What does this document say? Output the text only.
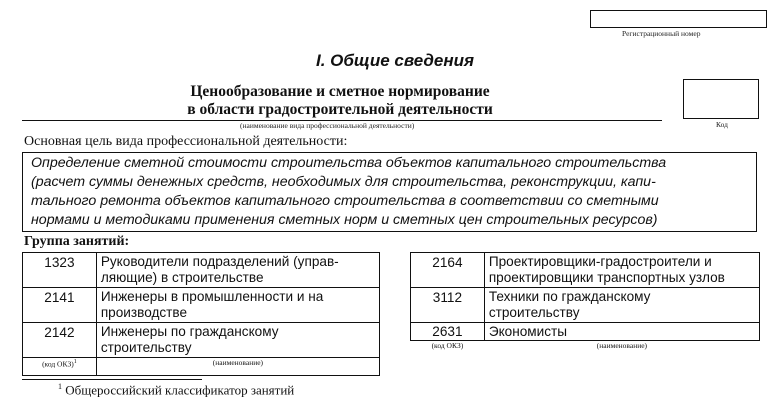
Регистрационный номер
I. Общие сведения
Ценообразование и сметное нормирование
в области градостроительной деятельности
(наименование вида профессиональной деятельности)	Код
Основная цель вида профессиональной деятельности:
Определение сметной стоимости строительства объектов капитального строительства
(расчет суммы денежных средств, необходимых для строительства, реконструкции, капи-
тального ремонта объектов капитального строительства в соответствии со сметными
нормами и методиками применения сметных норм и сметных цен строительных ресурсов)
Группа занятий:
1323	Руководители подразделений (управ-
ляющие) в строительстве

2141	Инженеры в промышленности и на
производстве

2142	Инженеры по гражданскому
строительству

(код ОКЗ)$^1$	(наименование)
2164	Проектировщики-градостроители и
проектировщики транспортных узлов

3112	Техники по гражданскому
строительству

2631	Экономисты

(код ОКЗ)	(наименование)
$^1$ Общероссийский классификатор занятий
